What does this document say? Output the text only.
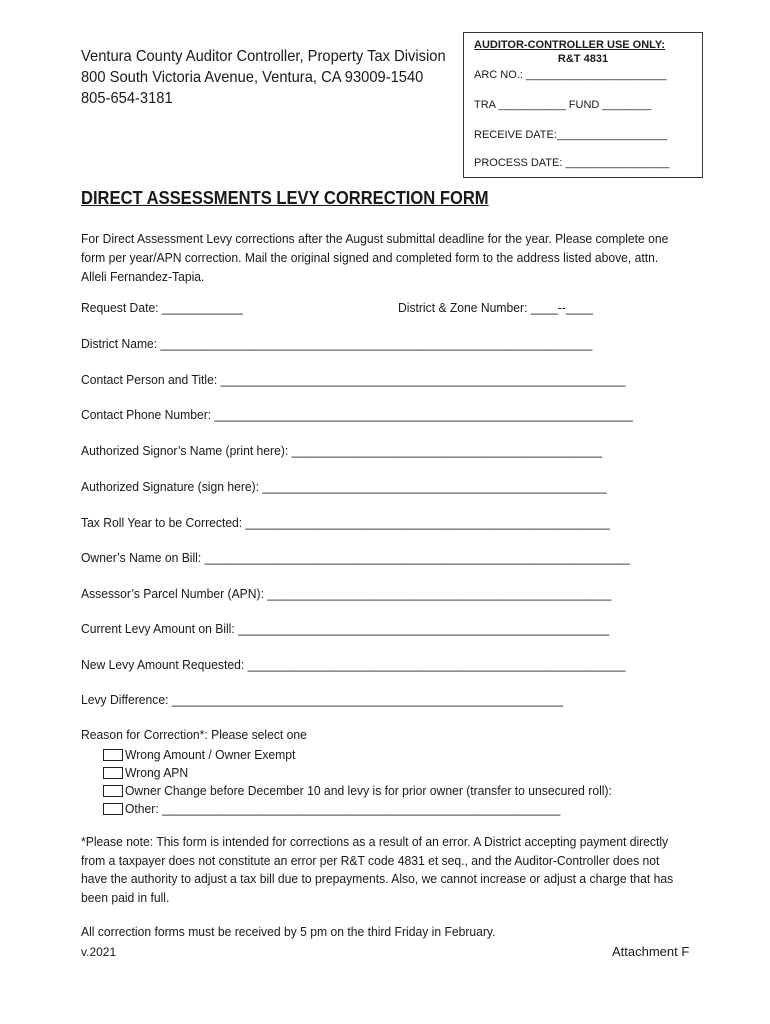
Ventura County Auditor Controller, Property Tax Division
800 South Victoria Avenue, Ventura, CA 93009-1540
805-654-3181
AUDITOR-CONTROLLER USE ONLY:
R&T 4831
ARC NO.: _______________________
TRA ___________ FUND ________
RECEIVE DATE:__________________
PROCESS DATE: _________________
DIRECT ASSESSMENTS LEVY CORRECTION FORM
For Direct Assessment Levy corrections after the August submittal deadline for the year. Please complete one form per year/APN correction. Mail the original signed and completed form to the address listed above, attn. Alleli Fernandez-Tapia.
Request Date: ____________	District & Zone Number: ____--____
District Name: ________________________________________________________________
Contact Person and Title: ____________________________________________________________
Contact Phone Number: ______________________________________________________________
Authorized Signor’s Name (print here): ______________________________________________
Authorized Signature (sign here): ___________________________________________________
Tax Roll Year to be Corrected: ______________________________________________________
Owner’s Name on Bill: _______________________________________________________________
Assessor’s Parcel Number (APN): ___________________________________________________
Current Levy Amount on Bill: _______________________________________________________
New Levy Amount Requested: ________________________________________________________
Levy Difference: __________________________________________________________
Reason for Correction*: Please select one
Wrong Amount / Owner Exempt
Wrong APN
Owner Change before December 10 and levy is for prior owner (transfer to unsecured roll):
Other: ___________________________________________________________
*Please note: This form is intended for corrections as a result of an error. A District accepting payment directly from a taxpayer does not constitute an error per R&T code 4831 et seq., and the Auditor-Controller does not have the authority to adjust a tax bill due to prepayments. Also, we cannot increase or adjust a charge that has been paid in full.
All correction forms must be received by 5 pm on the third Friday in February.
v.2021	Attachment F
